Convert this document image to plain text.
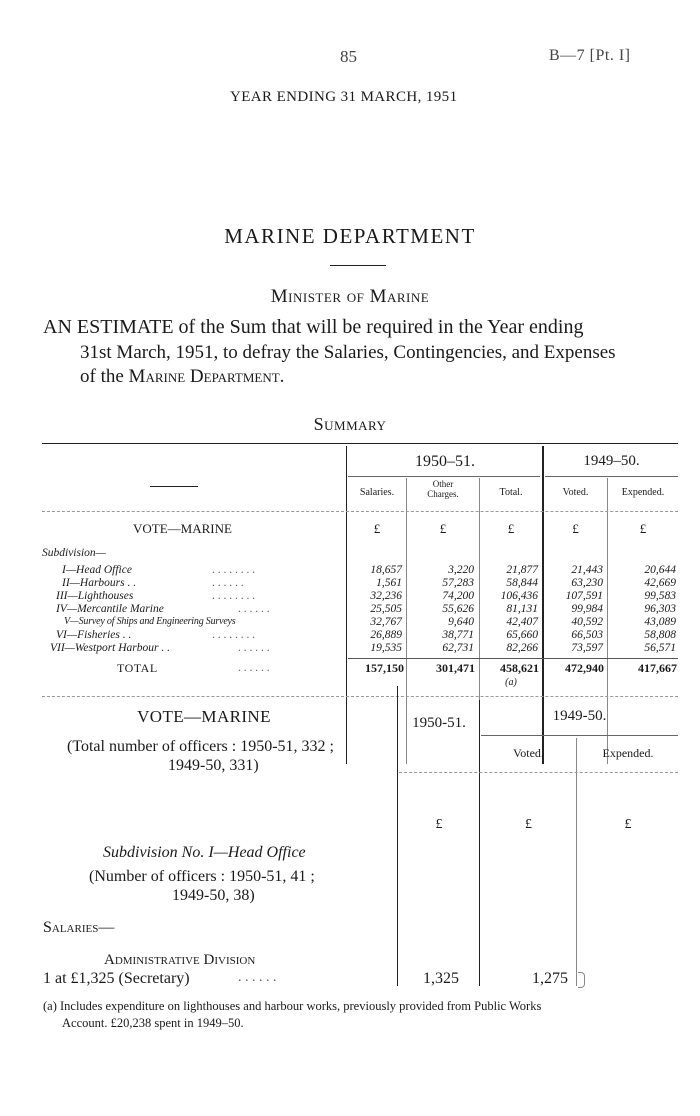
85	B—7 [Pt. I]
YEAR ENDING 31 MARCH, 1951
MARINE DEPARTMENT
Minister of Marine
AN ESTIMATE of the Sum that will be required in the Year ending
31st March, 1951, to defray the Salaries, Contingencies, and Expenses
of the Marine Department.
Summary
1950–51.	1949–50.
Salaries.
Other
Charges.	Total.	Voted.	Expended.
VOTE—MARINE	£	£	£	£	£
Subdivision—
I—Head Office	. . . . . . . .	18,657	3,220	21,877	21,443	20,644
II—Harbours . .	. . . . . .	1,561	57,283	58,844	63,230	42,669
III—Lighthouses	. . . . . . . .	32,236	74,200	106,436	107,591	99,583
IV—Mercantile Marine	. . . . . .	25,505	55,626	81,131	99,984	96,303
V—Survey of Ships and Engineering Surveys	32,767	9,640	42,407	40,592	43,089
VI—Fisheries . .	. . . . . . . .	26,889	38,771	65,660	66,503	58,808
VII—Westport Harbour . .	. . . . . .	19,535	62,731	82,266	73,597	56,571
TOTAL	. . . . . .	157,150	301,471	458,621	472,940	417,667
(a)
VOTE—MARINE
(Total number of officers : 1950-51, 332 ;
1949-50, 331)
1950-51.	1949-50.
Voted.	Expended.
£	£	£
Subdivision No. I—Head Office
(Number of officers : 1950-51, 41 ;
1949-50, 38)
Salaries—
Administrative Division
1 at £1,325 (Secretary)	. . . . . .	1,325	1,275
(a) Includes expenditure on lighthouses and harbour works, previously provided from Public Works
Account. £20,238 spent in 1949–50.
